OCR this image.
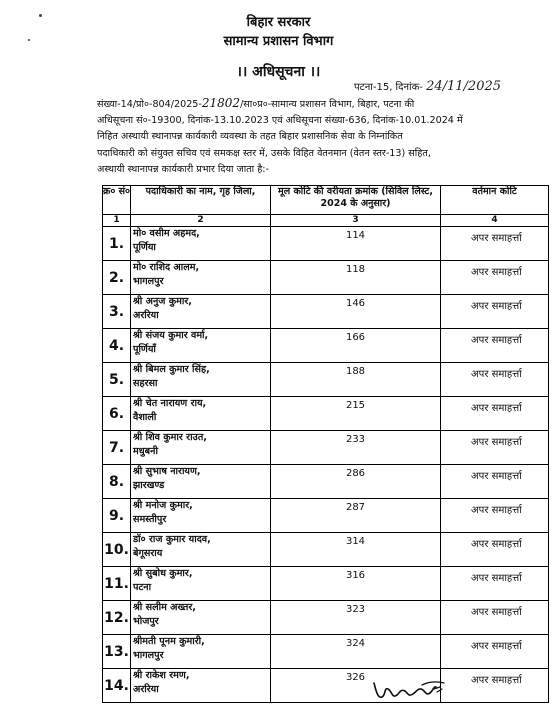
बिहार सरकार
सामान्य प्रशासन विभाग
।। अधिसूचना ।।
पटना-15, दिनांक- 24/11/2025
संख्या-14/प्रो०-804/2025-21802/सा०प्र०-सामान्य प्रशासन विभाग, बिहार, पटना की
अधिसूचना सं०-19300, दिनांक-13.10.2023 एवं अधिसूचना संख्या-636, दिनांक-10.01.2024 में
निहित अस्थायी स्थानापन्न कार्यकारी व्यवस्था के तहत बिहार प्रशासनिक सेवा के निम्नांकित
पदाधिकारी को संयुक्त सचिव एवं समकक्ष स्तर में, उसके विहित वेतनमान (वेतन स्तर-13) सहित,
अस्थायी स्थानापन्न कार्यकारी प्रभार दिया जाता है:-
क्र० सं०	पदाधिकारी का नाम, गृह जिला,	मूल कोटि की वरीयता क्रमांक (सिविल लिस्ट, 2024 के अनुसार)	वर्तमान कोटि
1	2	3	4
1.	मो० वसीम अहमद,
पूर्णिया	114	अपर समाहर्त्ता
2.	मो० राशिद आलम,
भागलपुर	118	अपर समाहर्त्ता
3.	श्री अनुज कुमार,
अररिया	146	अपर समाहर्त्ता
4.	श्री संजय कुमार वर्मा,
पूर्णियाँ	166	अपर समाहर्त्ता
5.	श्री बिमल कुमार सिंह,
सहरसा	188	अपर समाहर्त्ता
6.	श्री चेत नारायण राय,
वैशाली	215	अपर समाहर्त्ता
7.	श्री शिव कुमार राउत,
मधुबनी	233	अपर समाहर्त्ता
8.	श्री सुभाष नारायण,
झारखण्ड	286	अपर समाहर्त्ता
9.	श्री मनोज कुमार,
समस्तीपुर	287	अपर समाहर्त्ता
10.	डॉ० राज कुमार यादव,
बेगूसराय	314	अपर समाहर्त्ता
11.	श्री सुबोध कुमार,
पटना	316	अपर समाहर्त्ता
12.	श्री सलीम अख्तर,
भोजपुर	323	अपर समाहर्त्ता
13.	श्रीमती पूनम कुमारी,
भागलपुर	324	अपर समाहर्त्ता
14.	श्री राकेश रमण,
अररिया	326	अपर समाहर्त्ता
